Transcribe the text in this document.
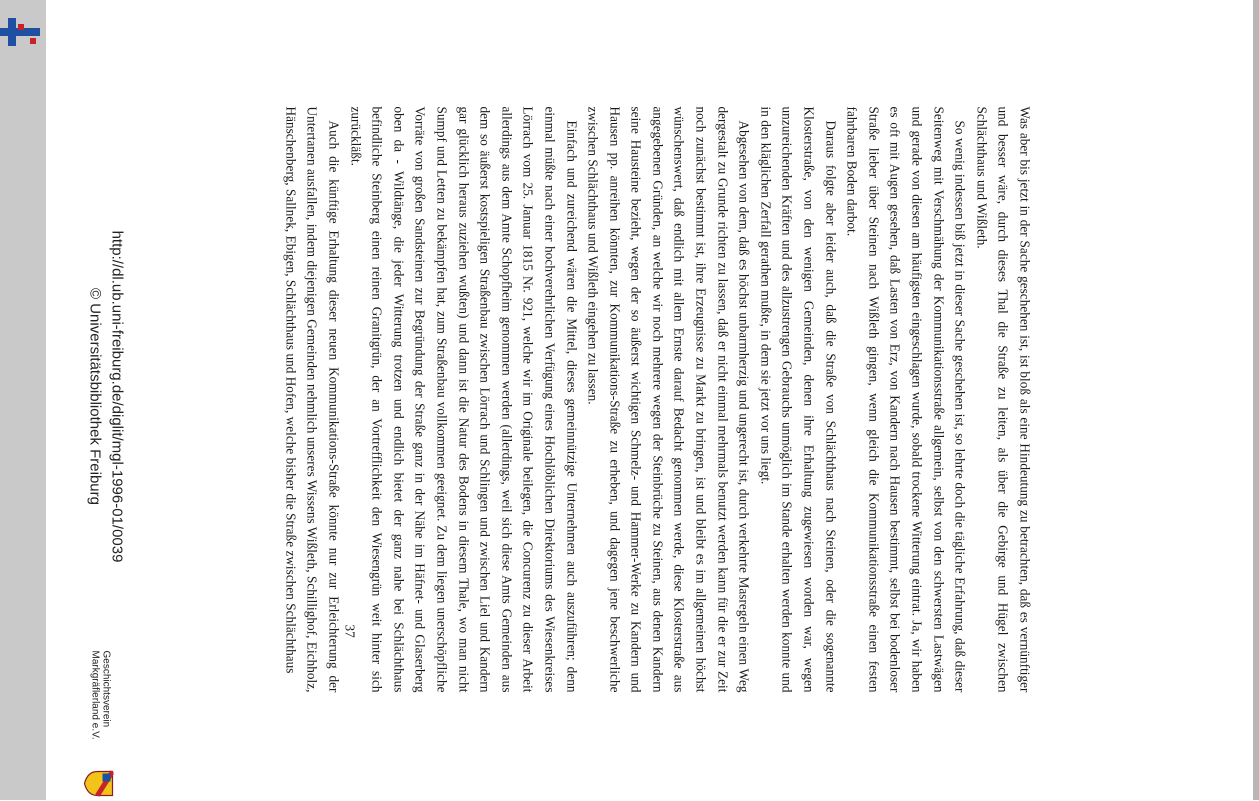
Was aber bis jetzt in der Sache geschehen ist, ist bloß als eine Hindeutung zu betrachten, daß es vernünftiger und besser wäre, durch dieses Thal die Straße zu leiten, als über die Gebirge und Hügel zwischen Schlächthaus und Wißleth.

So wenig indessen biß jetzt in dieser Sache geschehen ist, so lehrte doch die tägliche Erfahrung, daß dieser Seitenweg mit Verschmähung der Kommunikationsstraße allgemein, selbst von den schwersten Lastwägen und gerade von diesen am häufigsten eingeschlagen wurde, sobald trockene Witterung eintrat. Ja, wir haben es oft mit Augen gesehen, daß Lasten von Erz, von Kandern nach Hausen bestimmt, selbst bei bodenloser Straße lieber über Steinen nach Wißleth gingen, wenn gleich die Kommunikationsstraße einen festen fahrbaren Boden darbot.

Daraus folgte aber leider auch, daß die Straße von Schlächthaus nach Steinen, oder die sogenannte Klosterstraße, von den wenigen Gemeinden, denen ihre Erhaltung zugewiesen worden war, wegen unzureichenden Kräften und des allzustrengen Gebrauchs unmöglich im Stande erhalten werden konnte und in den kläglichen Zerfall gerathen mußte, in dem sie jetzt vor uns liegt.

Abgesehen von dem, daß es höchst unbarmherzig und ungerecht ist, durch verkehrte Masregeln einen Weg dergestalt zu Grunde richten zu lassen, daß er nicht einmal mehrmals benutzt werden kann für die er zur Zeit noch zunächst bestimmt ist, ihre Erzeugnisse zu Markt zu bringen, ist und bleibt es im allgemeinen höchst wünschenswert, daß endlich mit allem Ernste darauf Bedacht genommen werde, diese Klosterstraße aus angegebenen Gründen, an welche wir noch mehrere wegen der Steinbrüche zu Steinen, aus denen Kandern seine Hausteine bezieht, wegen der so äußerst wichtigen Schmelz- und Hammer-Werke zu Kandern und Hausen pp. anreihen könnten, zur Kommunikations-Straße zu erheben, und dagegen jene beschwerliche zwischen Schlächthaus und Wißleth eingehen zu lassen.

Einfach und zureichend wären die Mittel, dieses gemeinnützige Unternehmen auch auszuführen; denn einmal müßte nach einer hochverehrlichen Verfügung eines Hochlöblichen Direktoriums des Wiesenkreises Lörrach vom 25. Januar 1815 Nr. 921, welche wir im Originale beilegen, die Concurenz zu dieser Arbeit allerdings aus dem Amte Schopfheim genommen werden (allerdings, weil sich diese Amts Gemeinden aus dem so äußerst kostspieligen Straßenbau zwischen Lörrach und Schlingen und zwischen Liel und Kandern gar glücklich heraus zuziehen wußten) und dann ist die Natur des Bodens in diesem Thale, wo man nicht Sumpf und Letten zu bekämpfen hat, zum Straßenbau vollkommen geeignet. Zu dem liegen unerschöpfliche Vorräte von großen Sandsteinen zur Begründung der Straße ganz in der Nähe im Häfnet- und Glaserberg oben da - Wildtänge, die jeder Witterung trotzen und endlich bietet der ganz nahe bei Schlächthaus befindliche Steinberg einen reinen Granitgrün, der an Vortrefflichkeit den Wiesengrün weit hinter sich zurückläßt.

Auch die künftige Erhaltung dieser neuen Kommunikations-Straße könnte nur zur Erleichterung der Untertanen ausfallen, indem diejenigen Gemeinden nehmlich unseres Wissens Wißleth, Schillighof, Eichholz, Hänschenberg, Sallnek, Ebigen, Schlächthaus und Hofen, welche bisher die Straße zwischen Schlächthaus	37
http://dl.ub.uni-freiburg.de/diglit/mgl-1996-01/0039
© Universitätsbibliothek Freiburg
Geschichtsverein
Markgräflerland e.V.
